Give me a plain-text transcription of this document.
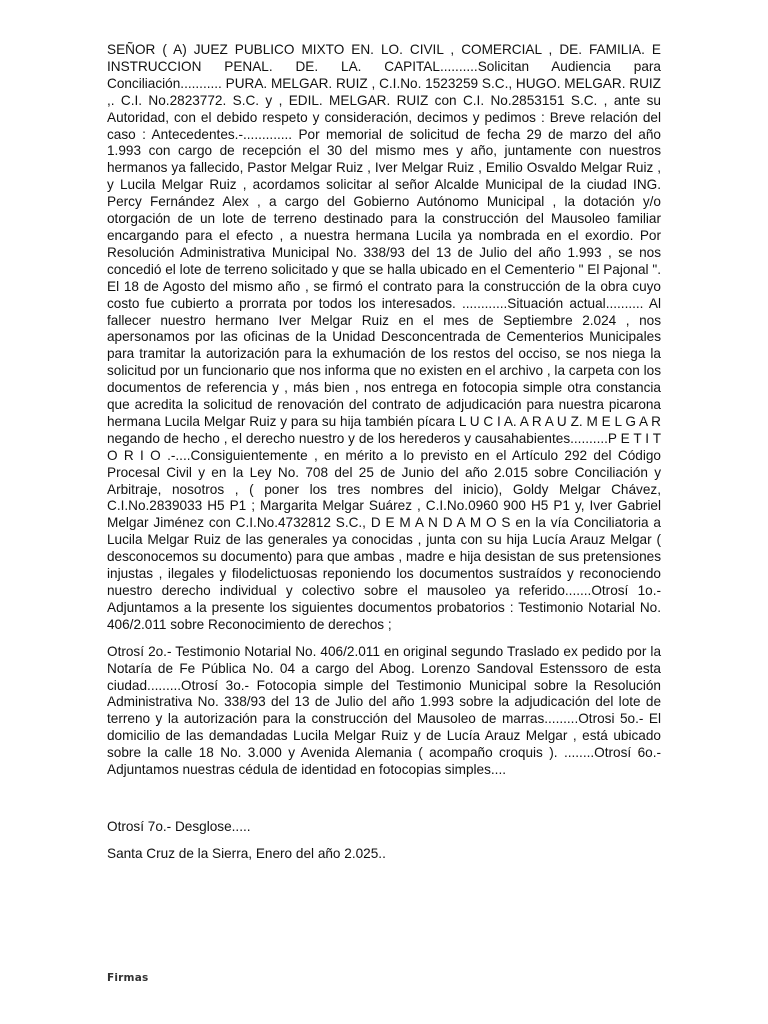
SEÑOR ( A) JUEZ PUBLICO MIXTO EN. LO. CIVIL , COMERCIAL , DE. FAMILIA. E INSTRUCCION PENAL. DE. LA. CAPITAL..........Solicitan Audiencia para Conciliación........... PURA. MELGAR. RUIZ , C.I.No. 1523259 S.C., HUGO. MELGAR. RUIZ ,. C.I. No.2823772. S.C. y , EDIL. MELGAR. RUIZ con C.I. No.2853151 S.C. , ante su Autoridad, con el debido respeto y consideración, decimos y pedimos : Breve relación del caso : Antecedentes.-............. Por memorial de solicitud de fecha 29 de marzo del año 1.993 con cargo de recepción el 30 del mismo mes y año, juntamente con nuestros hermanos ya fallecido, Pastor Melgar Ruiz , Iver Melgar Ruiz , Emilio Osvaldo Melgar Ruiz , y Lucila Melgar Ruiz , acordamos solicitar al señor Alcalde Municipal de la ciudad ING. Percy Fernández Alex , a cargo del Gobierno Autónomo Municipal , la dotación y/o otorgación de un lote de terreno destinado para la construcción del Mausoleo familiar encargando para el efecto , a nuestra hermana Lucila ya nombrada en el exordio. Por Resolución Administrativa Municipal No. 338/93 del 13 de Julio del año 1.993 , se nos concedió el lote de terreno solicitado y que se halla ubicado en el Cementerio " El Pajonal ". El 18 de Agosto del mismo año , se firmó el contrato para la construcción de la obra cuyo costo fue cubierto a prorrata por todos los interesados. ............Situación actual.......... Al fallecer nuestro hermano Iver Melgar Ruiz en el mes de Septiembre 2.024 , nos apersonamos por las oficinas de la Unidad Desconcentrada de Cementerios Municipales para tramitar la autorización para la exhumación de los restos del occiso, se nos niega la solicitud por un funcionario que nos informa que no existen en el archivo , la carpeta con los documentos de referencia y , más bien , nos entrega en fotocopia simple otra constancia que acredita la solicitud de renovación del contrato de adjudicación para nuestra picarona hermana Lucila Melgar Ruiz y para su hija también pícara L U C I A. A R A U Z. M E L G A R negando de hecho , el derecho nuestro y de los herederos y causahabientes..........P E T I T O R I O .-....Consiguientemente , en mérito a lo previsto en el Artículo 292 del Código Procesal Civil y en la Ley No. 708 del 25 de Junio del año 2.015 sobre Conciliación y Arbitraje, nosotros , ( poner los tres nombres del inicio), Goldy Melgar Chávez, C.I.No.2839033 H5 P1 ; Margarita Melgar Suárez , C.I.No.0960 900 H5 P1 y, Iver Gabriel Melgar Jiménez con C.I.No.4732812 S.C., D E M A N D A M O S en la vía Conciliatoria a Lucila Melgar Ruiz de las generales ya conocidas , junta con su hija Lucía Arauz Melgar ( desconocemos su documento) para que ambas , madre e hija desistan de sus pretensiones injustas , ilegales y filodelictuosas reponiendo los documentos sustraídos y reconociendo nuestro derecho individual y colectivo sobre el mausoleo ya referido.......Otrosí 1o.- Adjuntamos a la presente los siguientes documentos probatorios : Testimonio Notarial No. 406/2.011 sobre Reconocimiento de derechos ;

Otrosí 2o.- Testimonio Notarial No. 406/2.011 en original segundo Traslado ex pedido por la Notaría de Fe Pública No. 04 a cargo del Abog. Lorenzo Sandoval Estenssoro de esta ciudad.........Otrosí 3o.- Fotocopia simple del Testimonio Municipal sobre la Resolución Administrativa No. 338/93 del 13 de Julio del año 1.993 sobre la adjudicación del lote de terreno y la autorización para la construcción del Mausoleo de marras.........Otrosi 5o.- El domicilio de las demandadas Lucila Melgar Ruiz y de Lucía Arauz Melgar , está ubicado sobre la calle 18 No. 3.000 y Avenida Alemania ( acompaño croquis ). ........Otrosí 6o.- Adjuntamos nuestras cédula de identidad en fotocopias simples....

Otrosí 7o.- Desglose.....

Santa Cruz de la Sierra, Enero del año 2.025..

Firmas
